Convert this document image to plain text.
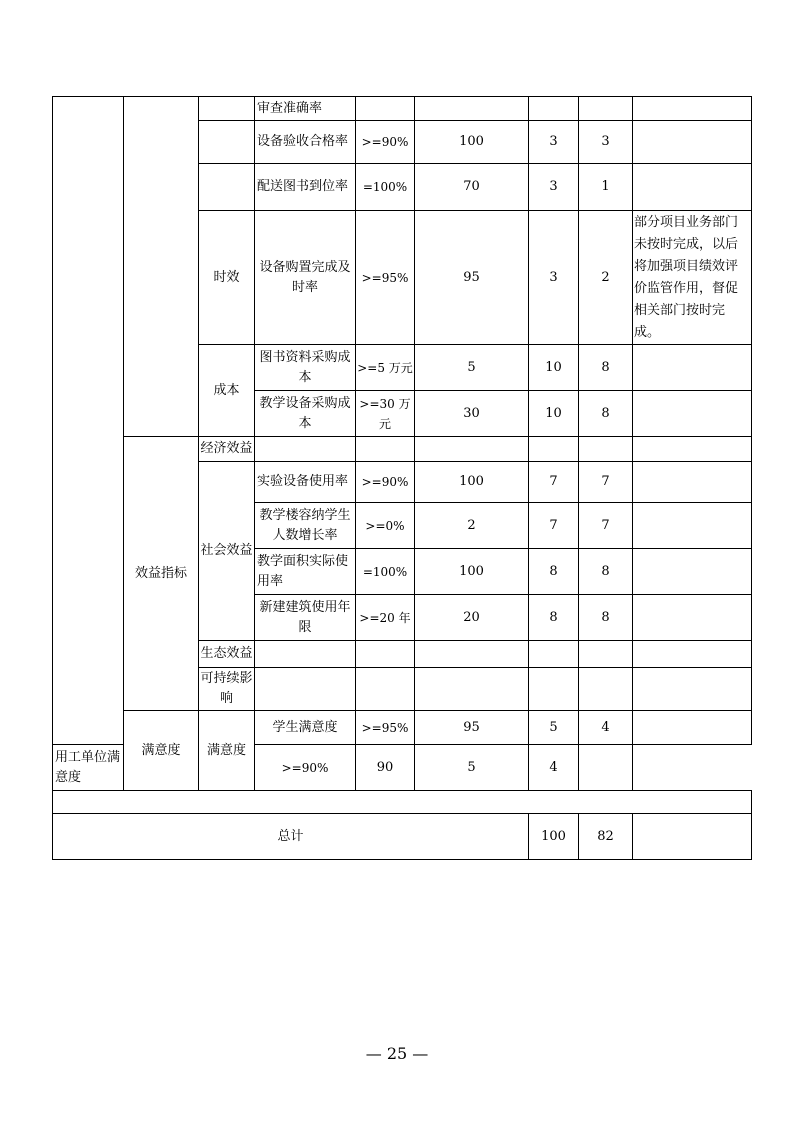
			审查准确率					
			设备验收合格率	>=90%	100	3	3	
			配送图书到位率	=100%	70	3	1	
		时效	设备购置完成及时率	>=95%	95	3	2	部分项目业务部门未按时完成，以后将加强项目绩效评价监管作用，督促相关部门按时完成。
		成本	图书资料采购成本	>=5 万元	5	10	8	
			教学设备采购成本	>=30 万元	30	10	8	
	效益指标	经济效益						
		社会效益	实验设备使用率	>=90%	100	7	7	
			教学楼容纳学生人数增长率	>=0%	2	7	7	
			教学面积实际使用率	=100%	100	8	8	
			新建建筑使用年限	>=20 年	20	8	8	
		生态效益						
		可持续影响						
	满意度	满意度	学生满意度	>=95%	95	5	4	
用工单位满意度			>=90%	90	5	4		

总计						100	82	
— 25 —
